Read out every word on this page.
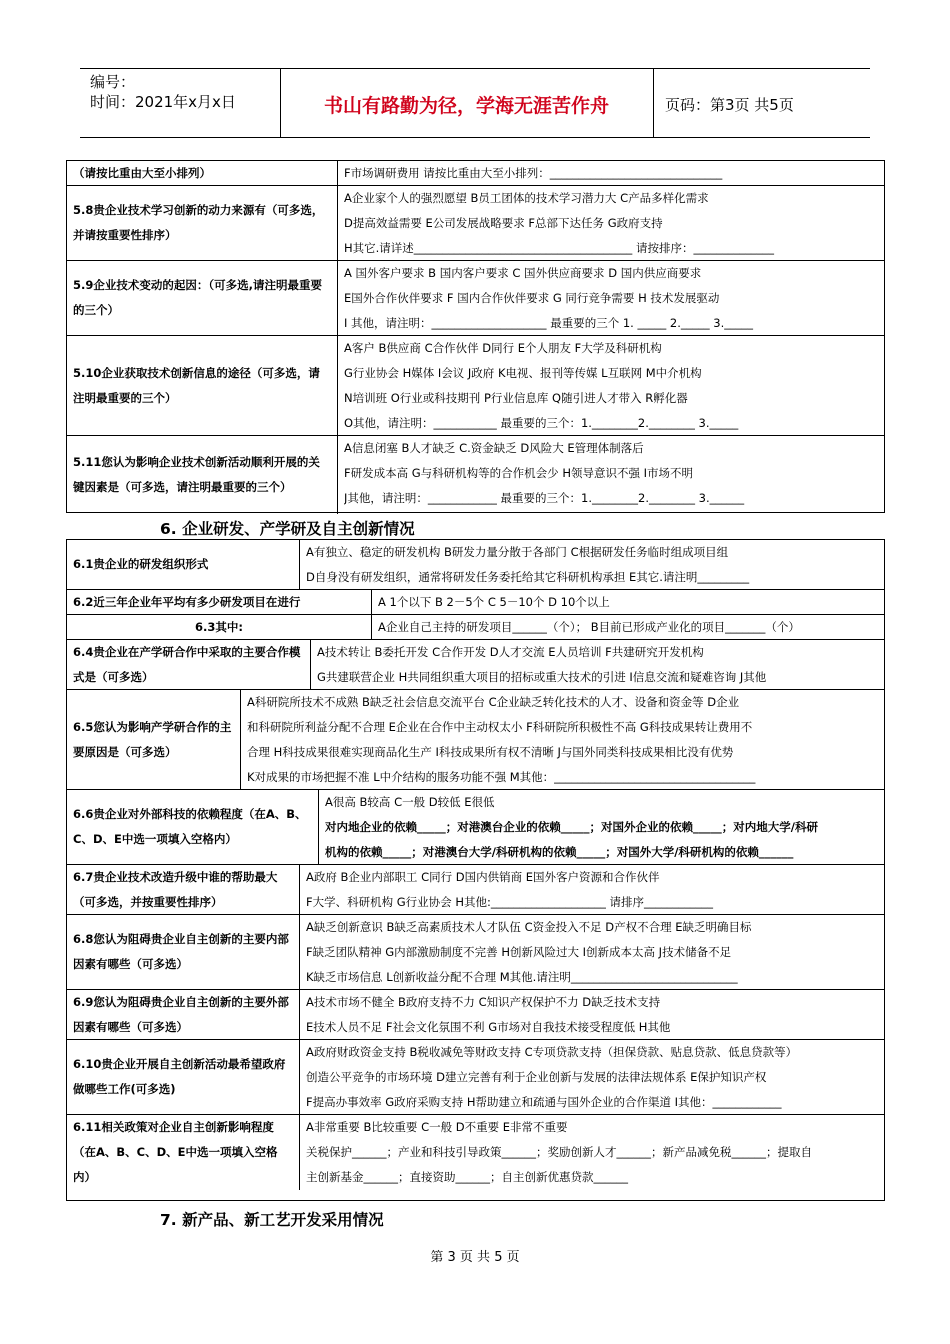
编号：
时间：2021年x月x日	书山有路勤为径，学海无涯苦作舟	页码：第3页 共5页
（请按比重由大至小排列）	F市场调研费用 请按比重由大至小排列：______________________________
5.8贵企业技术学习创新的动力来源有（可多选，并请按重要性排序）
A企业家个人的强烈愿望 B员工团体的技术学习潜力大 C产品多样化需求
D提高效益需要 E公司发展战略要求 F总部下达任务 G政府支持
H其它.请详述______________________________________ 请按排序：______________
5.9企业技术变动的起因：（可多选,请注明最重要的三个）
A 国外客户要求 B 国内客户要求 C 国外供应商要求 D 国内供应商要求
E国外合作伙伴要求 F 国内合作伙伴要求 G 同行竞争需要 H 技术发展驱动
I 其他，请注明：____________________ 最重要的三个 1. _____ 2._____ 3._____
5.10企业获取技术创新信息的途径（可多选，请注明最重要的三个）
A客户 B供应商 C合作伙伴 D同行 E个人朋友 F大学及科研机构
G行业协会 H媒体 I会议 J政府 K电视、报刊等传媒 L互联网 M中介机构
N培训班 O行业或科技期刊 P行业信息库 Q随引进人才带入 R孵化器
O其他，请注明：___________ 最重要的三个：1.________2.________ 3._____
5.11您认为影响企业技术创新活动顺利开展的关键因素是（可多选，请注明最重要的三个）
A信息闭塞 B人才缺乏 C.资金缺乏 D风险大 E管理体制落后
F研发成本高 G与科研机构等的合作机会少 H领导意识不强 I市场不明
J其他，请注明：____________ 最重要的三个：1.________2.________ 3.______
6. 企业研发、产学研及自主创新情况
6.1贵企业的研发组织形式
A有独立、稳定的研发机构 B研发力量分散于各部门 C根据研发任务临时组成项目组
D自身没有研发组织，通常将研发任务委托给其它科研机构承担 E其它.请注明_________
6.2近三年企业年平均有多少研发项目在进行	A 1个以下 B 2－5个 C 5－10个 D 10个以上
6.3其中:	A企业自己主持的研发项目______（个）； B目前已形成产业化的项目_______（个）
6.4贵企业在产学研合作中采取的主要合作模式是（可多选）
A技术转让 B委托开发 C合作开发 D人才交流 E人员培训 F共建研究开发机构
G共建联营企业 H共同组织重大项目的招标或重大技术的引进 I信息交流和疑难咨询 J其他
6.5您认为影响产学研合作的主要原因是（可多选）
A科研院所技术不成熟 B缺乏社会信息交流平台 C企业缺乏转化技术的人才、设备和资金等 D企业
和科研院所利益分配不合理 E企业在合作中主动权太小 F科研院所积极性不高 G科技成果转让费用不
合理 H科技成果很难实现商品化生产 I科技成果所有权不清晰 J与国外同类科技成果相比没有优势
K对成果的市场把握不准 L中介结构的服务功能不强 M其他：___________________________________
6.6贵企业对外部科技的依赖程度（在A、B、C、D、E中选一项填入空格内）
A很高 B较高 C一般 D较低 E很低
对内地企业的依赖_____；对港澳台企业的依赖_____；对国外企业的依赖_____；对内地大学/科研
机构的依赖_____；对港澳台大学/科研机构的依赖_____；对国外大学/科研机构的依赖______
6.7贵企业技术改造升级中谁的帮助最大（可多选，并按重要性排序）
A政府 B企业内部职工 C同行 D国内供销商 E国外客户资源和合作伙伴
F大学、科研机构 G行业协会 H其他:____________________ 请排序____________
6.8您认为阻碍贵企业自主创新的主要内部因素有哪些（可多选）
A缺乏创新意识 B缺乏高素质技术人才队伍 C资金投入不足 D产权不合理 E缺乏明确目标
F缺乏团队精神 G内部激励制度不完善 H创新风险过大 I创新成本太高 J技术储备不足
K缺乏市场信息 L创新收益分配不合理 M其他.请注明_____________________________
6.9您认为阻碍贵企业自主创新的主要外部因素有哪些（可多选）
A技术市场不健全 B政府支持不力 C知识产权保护不力 D缺乏技术支持
E技术人员不足 F社会文化氛围不利 G市场对自我技术接受程度低 H其他
6.10贵企业开展自主创新活动最希望政府做哪些工作(可多选)
A政府财政资金支持 B税收减免等财政支持 C专项贷款支持（担保贷款、贴息贷款、低息贷款等）
创造公平竞争的市场环境 D建立完善有利于企业创新与发展的法律法规体系 E保护知识产权
F提高办事效率 G政府采购支持 H帮助建立和疏通与国外企业的合作渠道 I其他：____________
6.11相关政策对企业自主创新影响程度（在A、B、C、D、E中选一项填入空格内）
A非常重要 B比较重要 C一般 D不重要 E非常不重要
关税保护______；产业和科技引导政策______；奖励创新人才______；新产品减免税______；提取自
主创新基金______；直接资助______；自主创新优惠贷款______
7. 新产品、新工艺开发采用情况
第 3 页 共 5 页
